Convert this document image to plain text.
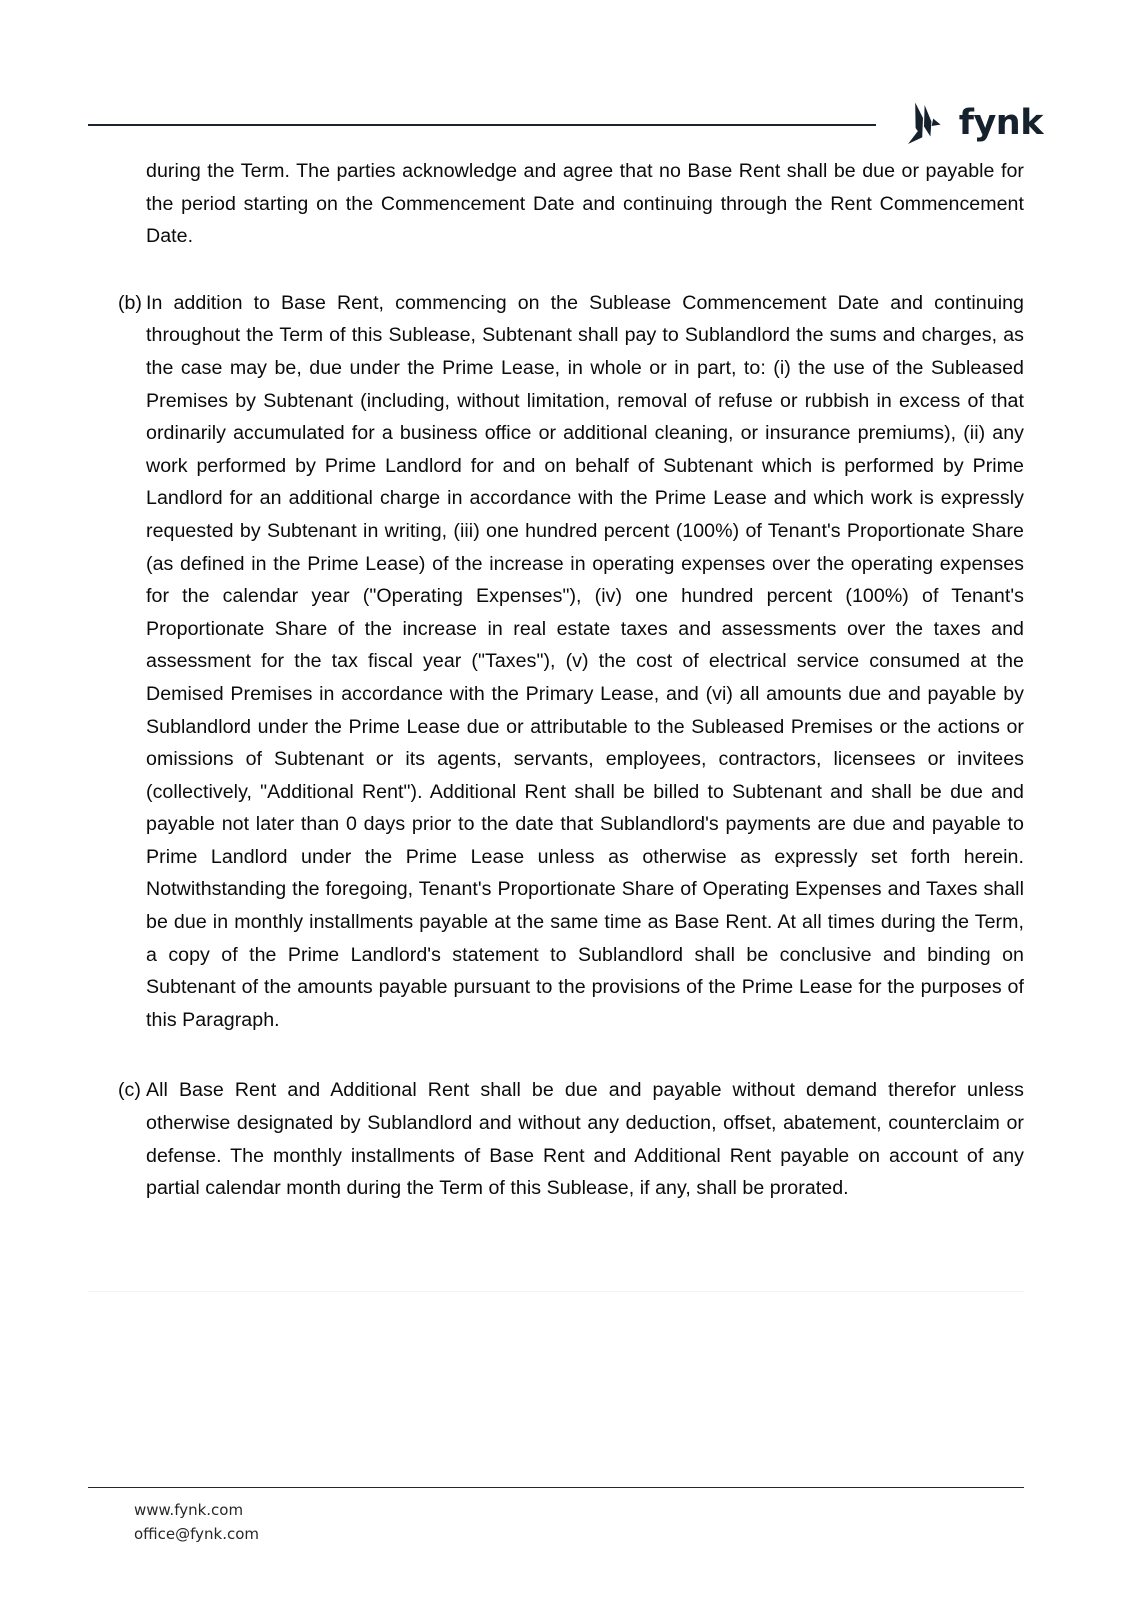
fynk
during the Term. The parties acknowledge and agree that no Base Rent shall be due or payable for the period starting on the Commencement Date and continuing through the Rent Commencement Date.
(b) In addition to Base Rent, commencing on the Sublease Commencement Date and continuing throughout the Term of this Sublease, Subtenant shall pay to Sublandlord the sums and charges, as the case may be, due under the Prime Lease, in whole or in part, to: (i) the use of the Subleased Premises by Subtenant (including, without limitation, removal of refuse or rubbish in excess of that ordinarily accumulated for a business office or additional cleaning, or insurance premiums), (ii) any work performed by Prime Landlord for and on behalf of Subtenant which is performed by Prime Landlord for an additional charge in accordance with the Prime Lease and which work is expressly requested by Subtenant in writing, (iii) one hundred percent (100%) of Tenant's Proportionate Share (as defined in the Prime Lease) of the increase in operating expenses over the operating expenses for the calendar year ("Operating Expenses"), (iv) one hundred percent (100%) of Tenant's Proportionate Share of the increase in real estate taxes and assessments over the taxes and assessment for the tax fiscal year ("Taxes"), (v) the cost of electrical service consumed at the Demised Premises in accordance with the Primary Lease, and (vi) all amounts due and payable by Sublandlord under the Prime Lease due or attributable to the Subleased Premises or the actions or omissions of Subtenant or its agents, servants, employees, contractors, licensees or invitees (collectively, "Additional Rent"). Additional Rent shall be billed to Subtenant and shall be due and payable not later than 0 days prior to the date that Sublandlord's payments are due and payable to Prime Landlord under the Prime Lease unless as otherwise as expressly set forth herein. Notwithstanding the foregoing, Tenant's Proportionate Share of Operating Expenses and Taxes shall be due in monthly installments payable at the same time as Base Rent. At all times during the Term, a copy of the Prime Landlord's statement to Sublandlord shall be conclusive and binding on Subtenant of the amounts payable pursuant to the provisions of the Prime Lease for the purposes of this Paragraph.
(c) All Base Rent and Additional Rent shall be due and payable without demand therefor unless otherwise designated by Sublandlord and without any deduction, offset, abatement, counterclaim or defense. The monthly installments of Base Rent and Additional Rent payable on account of any partial calendar month during the Term of this Sublease, if any, shall be prorated.
www.fynk.com
office@fynk.com
